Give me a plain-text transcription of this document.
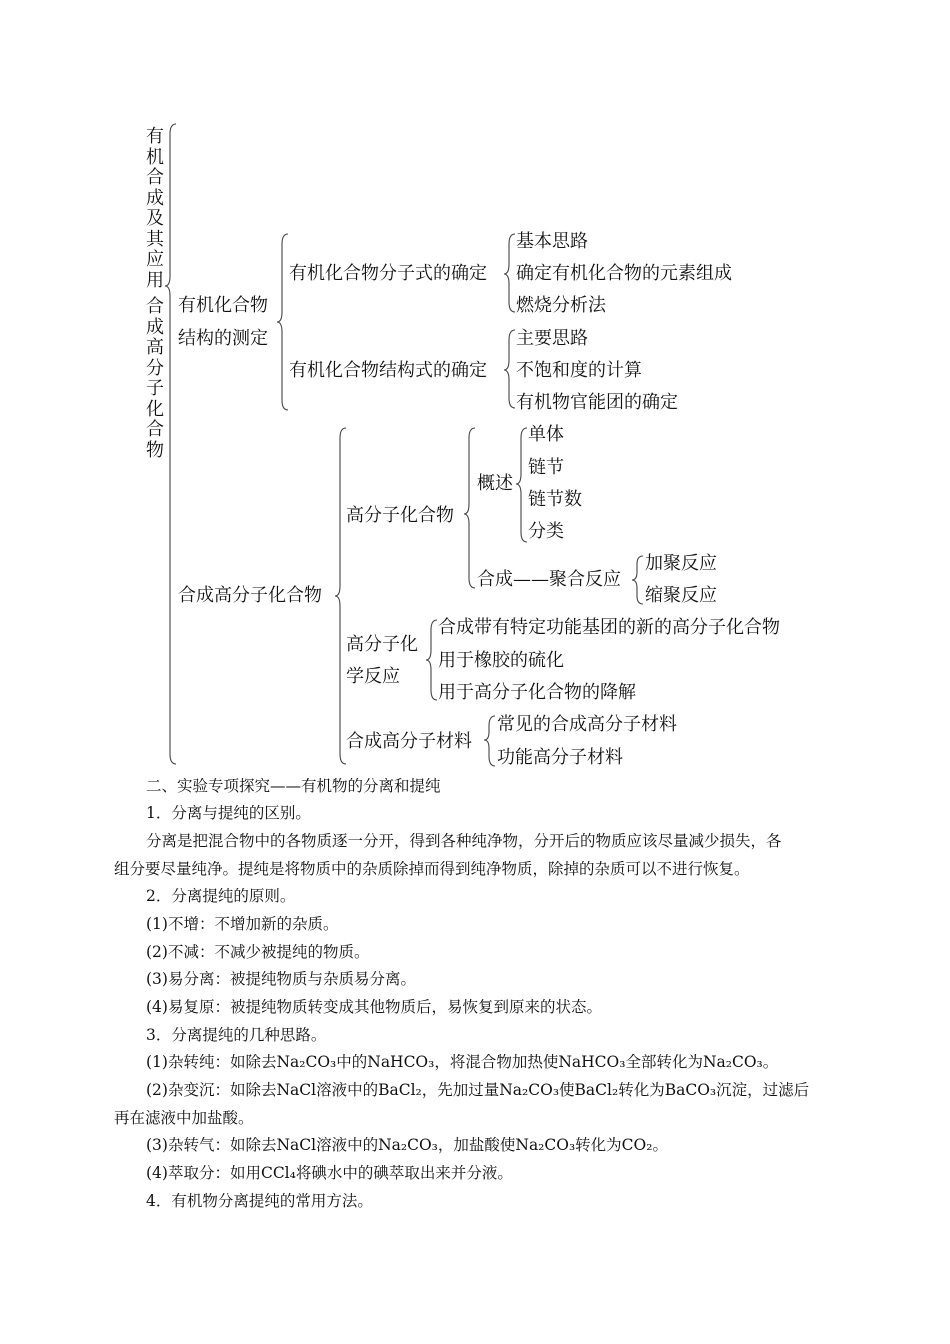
有机合成及其应用
合成高分子化合物
有机化合物
结构的测定
有机化合物分子式的确定
基本思路
确定有机化合物的元素组成
燃烧分析法
有机化合物结构式的确定
主要思路
不饱和度的计算
有机物官能团的确定
合成高分子化合物
高分子化合物
概述
单体
链节
链节数
分类
合成——聚合反应
加聚反应
缩聚反应
高分子化
学反应
合成带有特定功能基团的新的高分子化合物
用于橡胶的硫化
用于高分子化合物的降解
合成高分子材料
常见的合成高分子材料
功能高分子材料
二、实验专项探究——有机物的分离和提纯
1．分离与提纯的区别。
分离是把混合物中的各物质逐一分开，得到各种纯净物，分开后的物质应该尽量减少损失，各
组分要尽量纯净。提纯是将物质中的杂质除掉而得到纯净物质，除掉的杂质可以不进行恢复。
2．分离提纯的原则。
(1)不增：不增加新的杂质。
(2)不减：不减少被提纯的物质。
(3)易分离：被提纯物质与杂质易分离。
(4)易复原：被提纯物质转变成其他物质后，易恢复到原来的状态。
3．分离提纯的几种思路。
(1)杂转纯：如除去Na₂CO₃中的NaHCO₃，将混合物加热使NaHCO₃全部转化为Na₂CO₃。
(2)杂变沉：如除去NaCl溶液中的BaCl₂，先加过量Na₂CO₃使BaCl₂转化为BaCO₃沉淀，过滤后
再在滤液中加盐酸。
(3)杂转气：如除去NaCl溶液中的Na₂CO₃，加盐酸使Na₂CO₃转化为CO₂。
(4)萃取分：如用CCl₄将碘水中的碘萃取出来并分液。
4．有机物分离提纯的常用方法。
